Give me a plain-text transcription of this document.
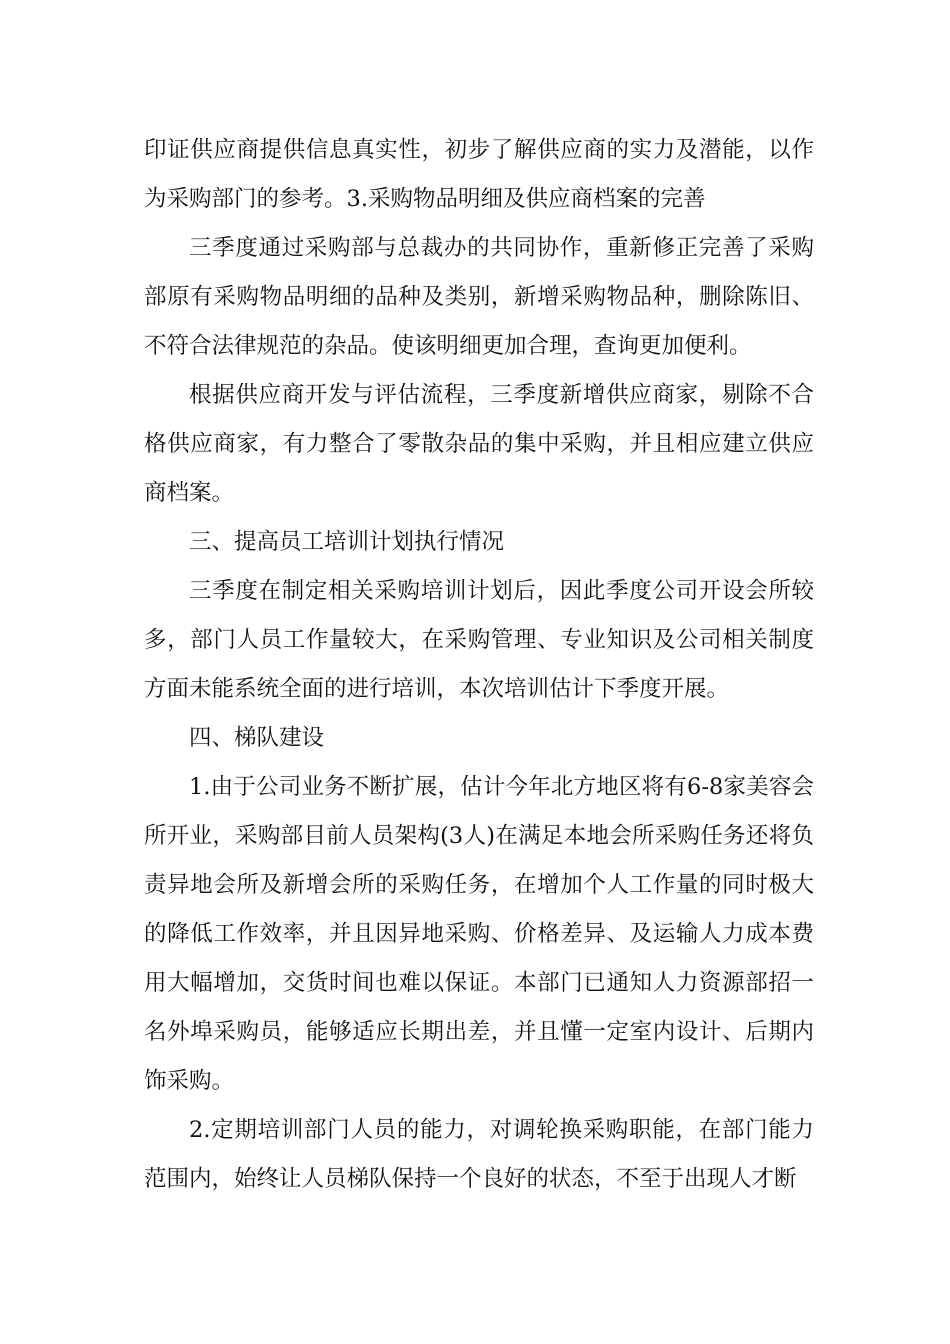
印证供应商提供信息真实性，初步了解供应商的实力及潜能，以作为采购部门的参考。3.采购物品明细及供应商档案的完善

三季度通过采购部与总裁办的共同协作，重新修正完善了采购部原有采购物品明细的品种及类别，新增采购物品种，删除陈旧、不符合法律规范的杂品。使该明细更加合理，查询更加便利。

根据供应商开发与评估流程，三季度新增供应商家，剔除不合格供应商家，有力整合了零散杂品的集中采购，并且相应建立供应商档案。

三、提高员工培训计划执行情况

三季度在制定相关采购培训计划后，因此季度公司开设会所较多，部门人员工作量较大，在采购管理、专业知识及公司相关制度方面未能系统全面的进行培训，本次培训估计下季度开展。

四、梯队建设

1.由于公司业务不断扩展，估计今年北方地区将有6-8家美容会所开业，采购部目前人员架构(3人)在满足本地会所采购任务还将负责异地会所及新增会所的采购任务，在增加个人工作量的同时极大的降低工作效率，并且因异地采购、价格差异、及运输人力成本费用大幅增加，交货时间也难以保证。本部门已通知人力资源部招一名外埠采购员，能够适应长期出差，并且懂一定室内设计、后期内饰采购。

2.定期培训部门人员的能力，对调轮换采购职能，在部门能力范围内，始终让人员梯队保持一个良好的状态，不至于出现人才断
